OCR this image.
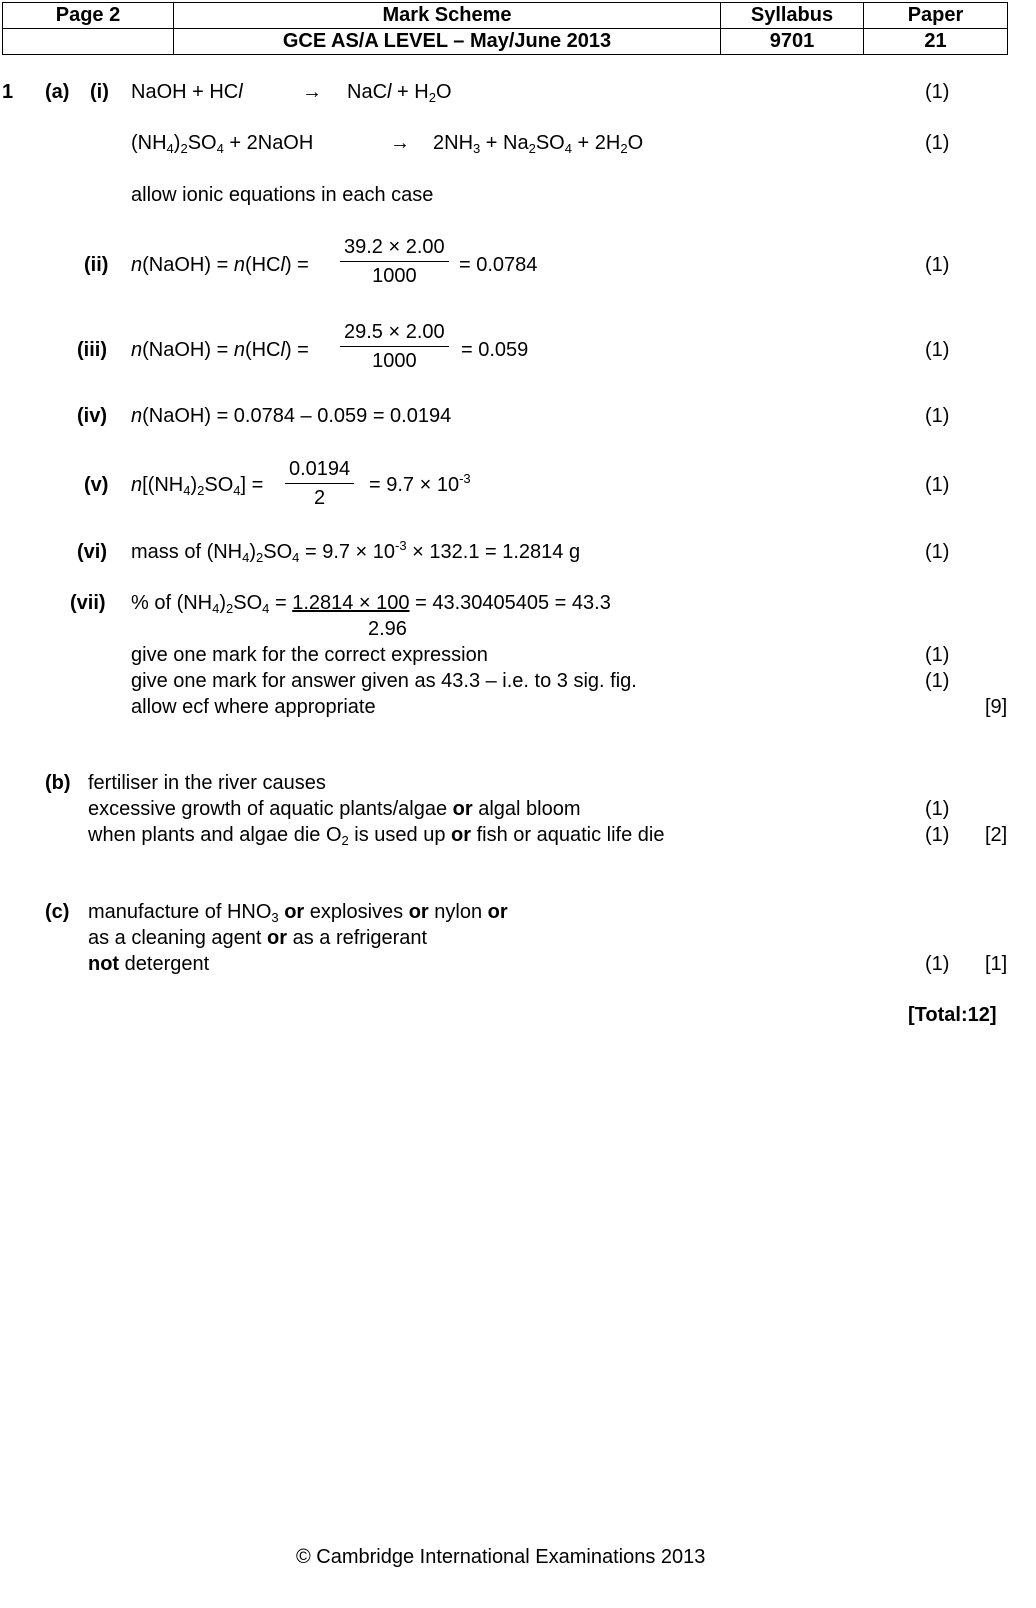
Page 2	Mark Scheme	Syllabus	Paper
	GCE AS/A LEVEL – May/June 2013	9701	21
1 (a) (i) NaOH + HCl	→ NaCl + $H_2O$	(1)
$(NH_4)_2SO_4$ + 2NaOH	→ $2NH_3 + Na_2SO_4 + 2H_2O$	(1)
allow ionic equations in each case
(ii) n(NaOH) = $n(HCl) = \frac{39.2 \times 2.00}{1000} = 0.0784$	(1)
(iii) n(NaOH) = $n(HCl) = \frac{29.5 \times 2.00}{1000} = 0.059$	(1)
(iv) n(NaOH) = 0.0784 – 0.059 = 0.0194	(1)
(v) $n[(NH_4)_2SO_4] = \frac{0.0194}{2} = 9.7 \times 10^{-3}$	(1)
(vi) mass of $(NH_4)_2SO_4 = 9.7 \times 10^{-3} \times 132.1 = 1.2814$ g	(1)
(vii) % of $(NH_4)_2SO_4 = 1.2814 \times 100 = 43.30405405 = 43.3$
2.96
give one mark for the correct expression	(1)
give one mark for answer given as 43.3 – i.e. to 3 sig. fig.	(1)
allow ecf where appropriate	[9]
(b) fertiliser in the river causes
excessive growth of aquatic plants/algae or algal bloom	(1)
when plants and algae die $O_2$ is used up or fish or aquatic life die	(1) [2]
(c) manufacture of $HNO_3$ or explosives or nylon or
as a cleaning agent or as a refrigerant
not detergent	(1) [1]
[Total:12]
© Cambridge International Examinations 2013
